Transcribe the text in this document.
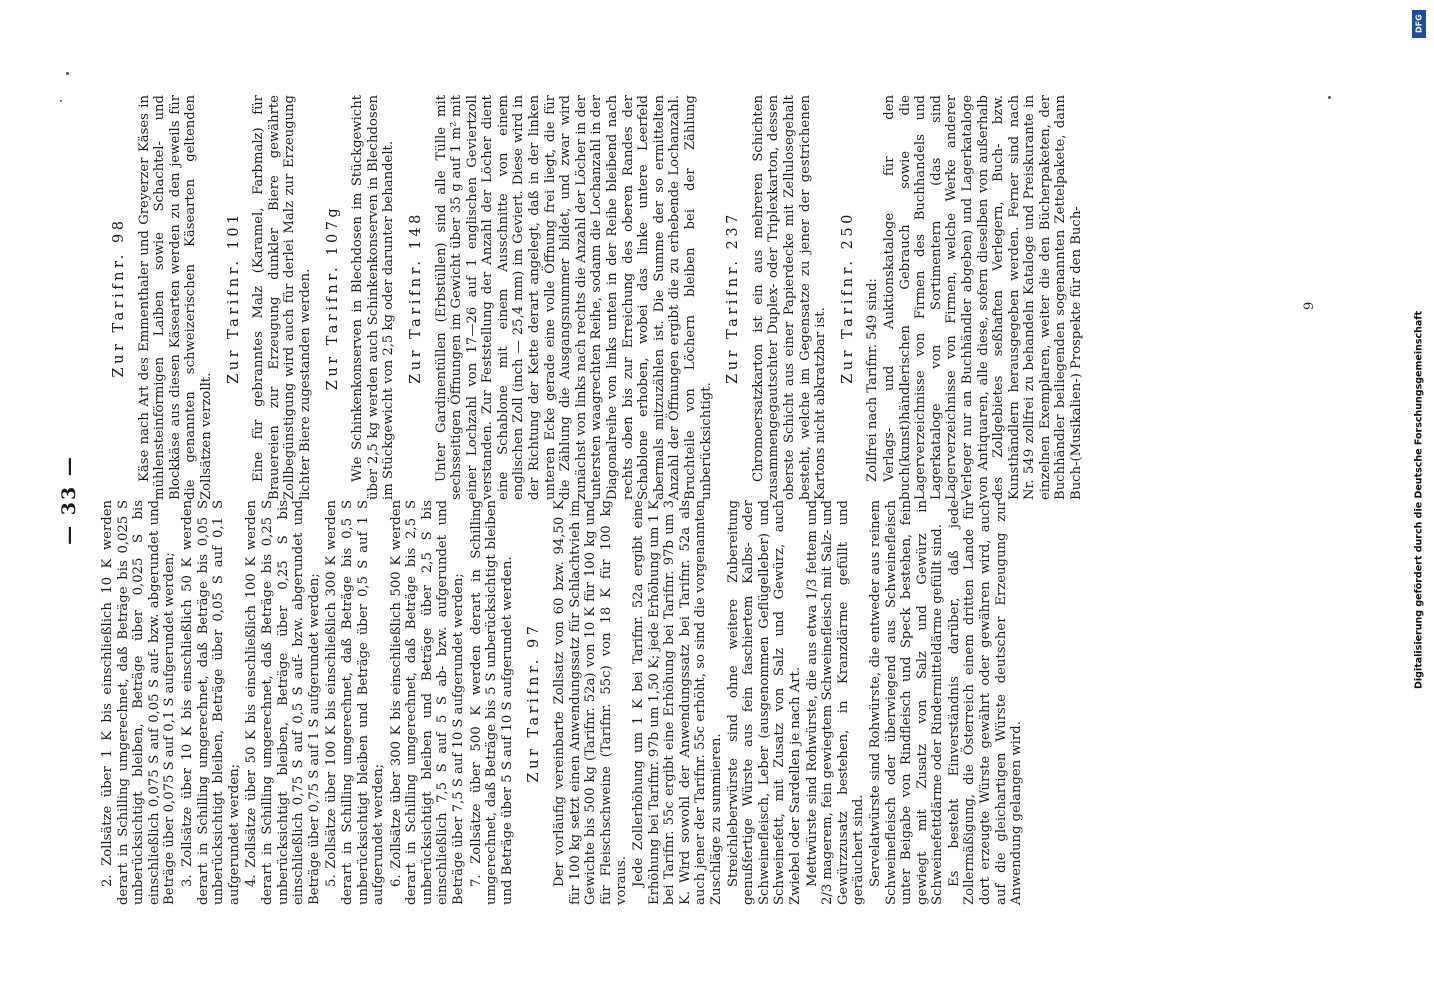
— 33 — 2. Zollsätze über 1 K bis einschließlich 10 K werden derart in Schilling umgerechnet, daß Beträge bis 0,025 S unberücksichtigt bleiben, Beträge über 0,025 S bis einschließlich 0,075 S auf 0,05 S auf- bzw. abgerundet und Beträge über 0,075 S auf 0,1 S aufgerundet werden; 3. Zollsätze über 10 K bis einschließlich 50 K werden derart in Schilling umgerechnet, daß Beträge bis 0,05 S unberücksichtigt bleiben, Beträge über 0,05 S auf 0,1 S aufgerundet werden; 4. Zollsätze über 50 K bis einschließlich 100 K werden derart in Schilling umgerechnet, daß Beträge bis 0,25 S unberücksichtigt bleiben, Beträge über 0,25 S bis einschließlich 0,75 S auf 0,5 S auf- bzw. abgerundet und Beträge über 0,75 S auf 1 S aufgerundet werden; 5. Zollsätze über 100 K bis einschließlich 300 K werden derart in Schilling umgerechnet, daß Beträge bis 0,5 S unberücksichtigt bleiben und Beträge über 0,5 S auf 1 S aufgerundet werden; 6. Zollsätze über 300 K bis einschließlich 500 K werden derart in Schilling umgerechnet, daß Beträge bis 2,5 S unberücksichtigt bleiben und Beträge über 2,5 S bis einschließlich 7,5 S auf 5 S ab- bzw. aufgerundet und Beträge über 7,5 S auf 10 S aufgerundet werden; 7. Zollsätze über 500 K werden derart in Schilling umgerechnet, daß Beträge bis 5 S unberücksichtigt bleiben und Beträge über 5 S auf 10 S aufgerundet werden. Zur Tarifnr. 97 Der vorläufig vereinbarte Zollsatz von 60 bzw. 94,50 K für 100 kg setzt einen Anwendungssatz für Schlachtvieh im Gewichte bis 500 kg (Tarifnr. 52a) von 10 K für 100 kg und für Fleischschweine (Tarifnr. 55c) von 18 K für 100 kg voraus. Jede Zollerhöhung um 1 K bei Tarifnr. 52a ergibt eine Erhöhung bei Tarifnr. 97b um 1,50 K; jede Erhöhung um 1 K bei Tarifnr. 55c ergibt eine Erhöhung bei Tarifnr. 97b um 3 K. Wird sowohl der Anwendungssatz bei Tarifnr. 52a als auch jener der Tarifnr. 55c erhöht, so sind die vorgenannten Zuschläge zu summieren. Streichleberwürste sind ohne weitere Zubereitung genußfertige Würste aus fein faschiertem Kalbs- oder Schweinefleisch, Leber (ausgenommen Geflügelleber) und Schweinefett, mit Zusatz von Salz und Gewürz, auch Zwiebel oder Sardellen je nach Art. Mettwürste sind Rohwürste, die aus etwa 1/3 fettem und 2/3 magerem, fein gewiegtem Schweinefleisch mit Salz- und Gewürzzusatz bestehen, in Kranzdärme gefüllt und geräuchert sind. Servelatwürste sind Rohwürste, die entweder aus reinem Schweinefleisch oder überwiegend aus Schweinefleisch unter Beigabe von Rindfleisch und Speck bestehen, fein gewiegt mit Zusatz von Salz und Gewürz in Schweinefettdärme oder Rindermitteldärme gefüllt sind. Es besteht Einverständnis darüber, daß jede Zollermäßigung, die Österreich einem dritten Lande für dort erzeugte Würste gewährt oder gewähren wird, auch auf die gleichartigen Würste deutscher Erzeugung zur Anwendung gelangen wird.

Zur Tarifnr. 98 Käse nach Art des Emmenthaler und Greyerzer Käses in mühlensteinförmigen Laiben sowie Schachtel- und Blockkäse aus diesen Käsearten werden zu den jeweils für die genannten schweizerischen Käsearten geltenden Zollsätzen verzollt.

Zur Tarifnr. 101 Eine für gebranntes Malz (Karamel, Farbmalz) für Brauereien zur Erzeugung dunkler Biere gewährte Zollbegünstigung wird auch für derlei Malz zur Erzeugung lichter Biere zugestanden werden. Zur Tarifnr. 107g Wie Schinkenkonserven in Blechdosen im Stückgewicht über 2,5 kg werden auch Schinkenkonserven in Blechdosen im Stückgewicht von 2,5 kg oder darunter behandelt. Zur Tarifnr. 148 Unter Gardinentüllen (Erbstüllen) sind alle Tülle mit sechsseitigen Öffnungen im Gewicht über 35 g auf 1 m² mit einer Lochzahl von 17—26 auf 1 englischen Geviertzoll verstanden. Zur Feststellung der Anzahl der Löcher dient eine Schablone mit einem Ausschnitte von einem englischen Zoll (inch — 25,4 mm) im Geviert. Diese wird in der Richtung der Kette derart angelegt, daß in der linken unteren Ecke gerade eine volle Öffnung frei liegt, die für die Zählung die Ausgangsnummer bildet, und zwar wird zunächst von links nach rechts die Anzahl der Löcher in der untersten waagrechten Reihe, sodann die Lochanzahl in der Diagonalreihe von links unten in der Reihe bleibend nach rechts oben bis zur Erreichung des oberen Randes der Schablone erhoben, wobei das linke untere Leerfeld abermals mitzuzählen ist. Die Summe der so ermittelten Anzahl der Öffnungen ergibt die zu erhebende Lochanzahl. Bruchteile von Löchern bleiben bei der Zählung unberücksichtigt.

Zur Tarifnr. 237 Chromoersatzkarton ist ein aus mehreren Schichten zusammengegautschter Duplex- oder Triplexkarton, dessen oberste Schicht aus einer Papierdecke mit Zellulosegehalt besteht, welche im Gegensatze zu jener der gestrichenen Kartons nicht abkratzbar ist.

Zur Tarifnr. 250 Zollfrei nach Tarifnr. 549 sind: Verlags- und Auktionskataloge für den buch(kunst)händlerischen Gebrauch sowie die Lagerverzeichnisse von Firmen des Buchhandels und Lagerkataloge von Sortimentern (das sind Lagerverzeichnisse von Firmen, welche Werke anderer Verleger nur an Buchhändler abgeben) und Lagerkataloge von Antiquaren, alle diese, sofern dieselben von außerhalb des Zollgebietes seßhaften Verlegern, Buch- bzw. Kunsthändlern herausgegeben werden. Ferner sind nach Nr. 549 zollfrei zu behandeln Kataloge und Preiskurante in einzelnen Exemplaren, weiter die den Bücherpaketen, der Buchhändler beiliegenden sogenannten Zettelpakete, dann Buch-(Musikalien-) Prospekte für den Buch-	9
DFG
Digitalisierung gefördert durch die Deutsche Forschungsgemeinschaft
